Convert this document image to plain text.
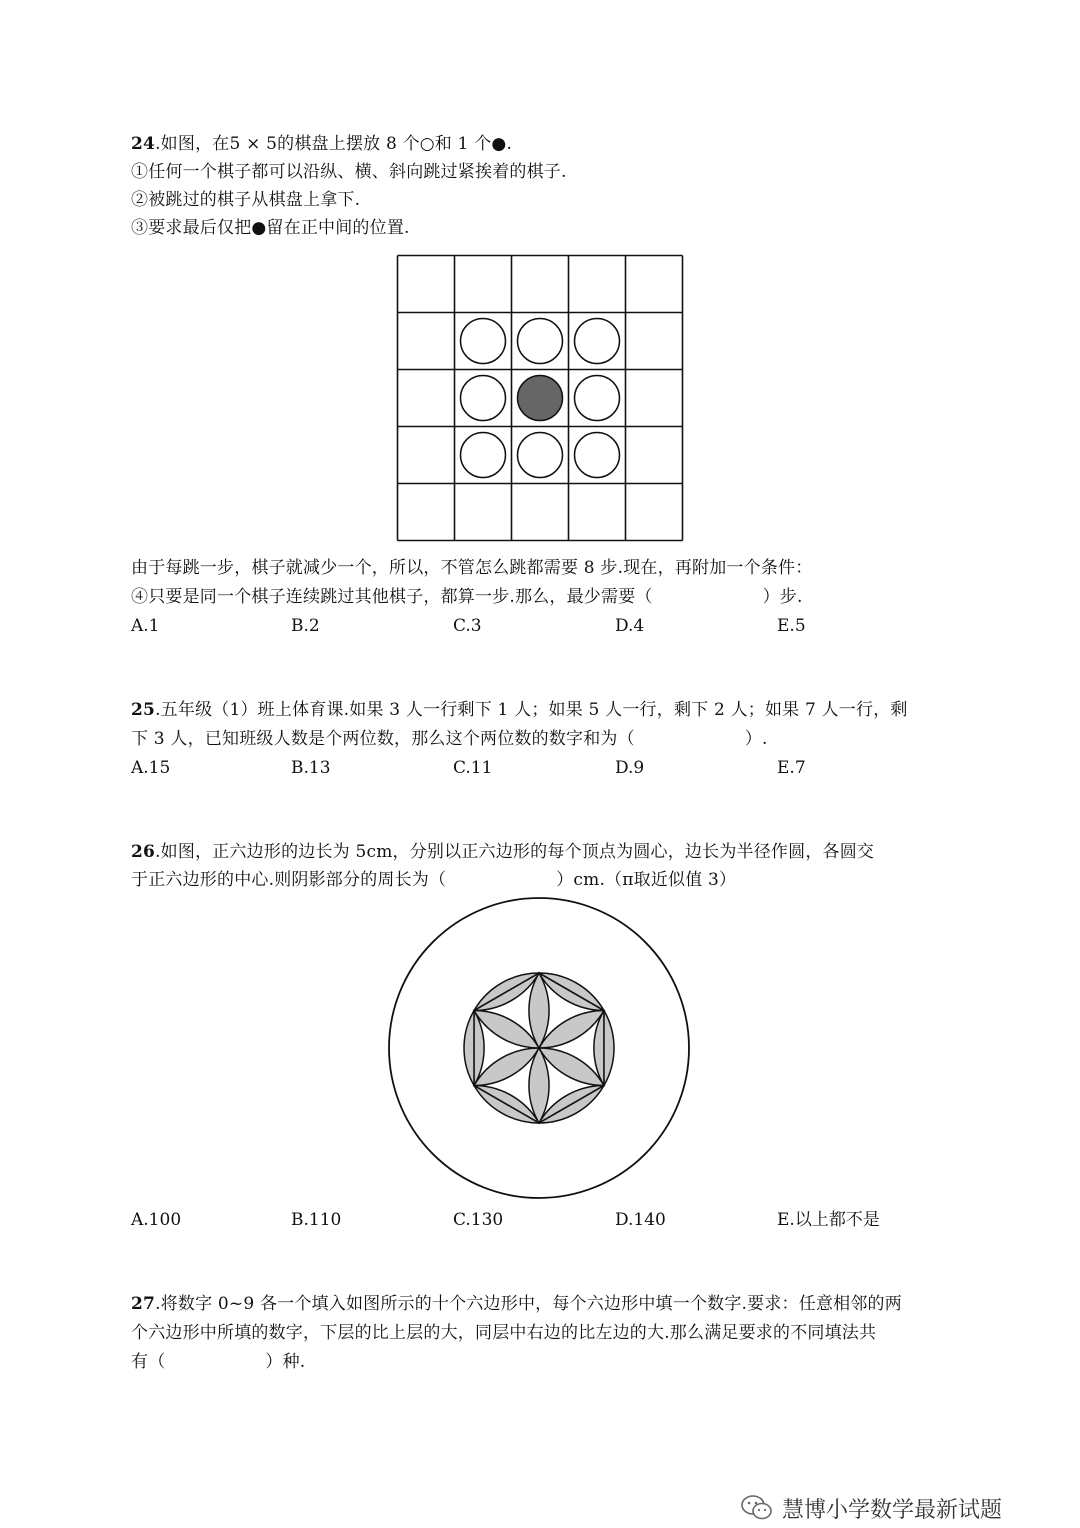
24.如图，在5 × 5的棋盘上摆放 8 个○和 1 个●.
①任何一个棋子都可以沿纵、横、斜向跳过紧挨着的棋子.
②被跳过的棋子从棋盘上拿下.
③要求最后仅把●留在正中间的位置.
由于每跳一步，棋子就减少一个，所以，不管怎么跳都需要 8 步.现在，再附加一个条件：
④只要是同一个棋子连续跳过其他棋子，都算一步.那么，最少需要（	）步.
A.1	B.2	C.3	D.4	E.5
25.五年级（1）班上体育课.如果 3 人一行剩下 1 人；如果 5 人一行，剩下 2 人；如果 7 人一行，剩
下 3 人，已知班级人数是个两位数，那么这个两位数的数字和为（	）.
A.15	B.13	C.11	D.9	E.7
26.如图，正六边形的边长为 5cm，分别以正六边形的每个顶点为圆心，边长为半径作圆，各圆交
于正六边形的中心.则阴影部分的周长为（	）cm.（π取近似值 3）
A.100	B.110	C.130	D.140	E.以上都不是
27.将数字 0~9 各一个填入如图所示的十个六边形中，每个六边形中填一个数字.要求：任意相邻的两
个六边形中所填的数字，下层的比上层的大，同层中右边的比左边的大.那么满足要求的不同填法共
有（	）种.
慧博小学数学最新试题
